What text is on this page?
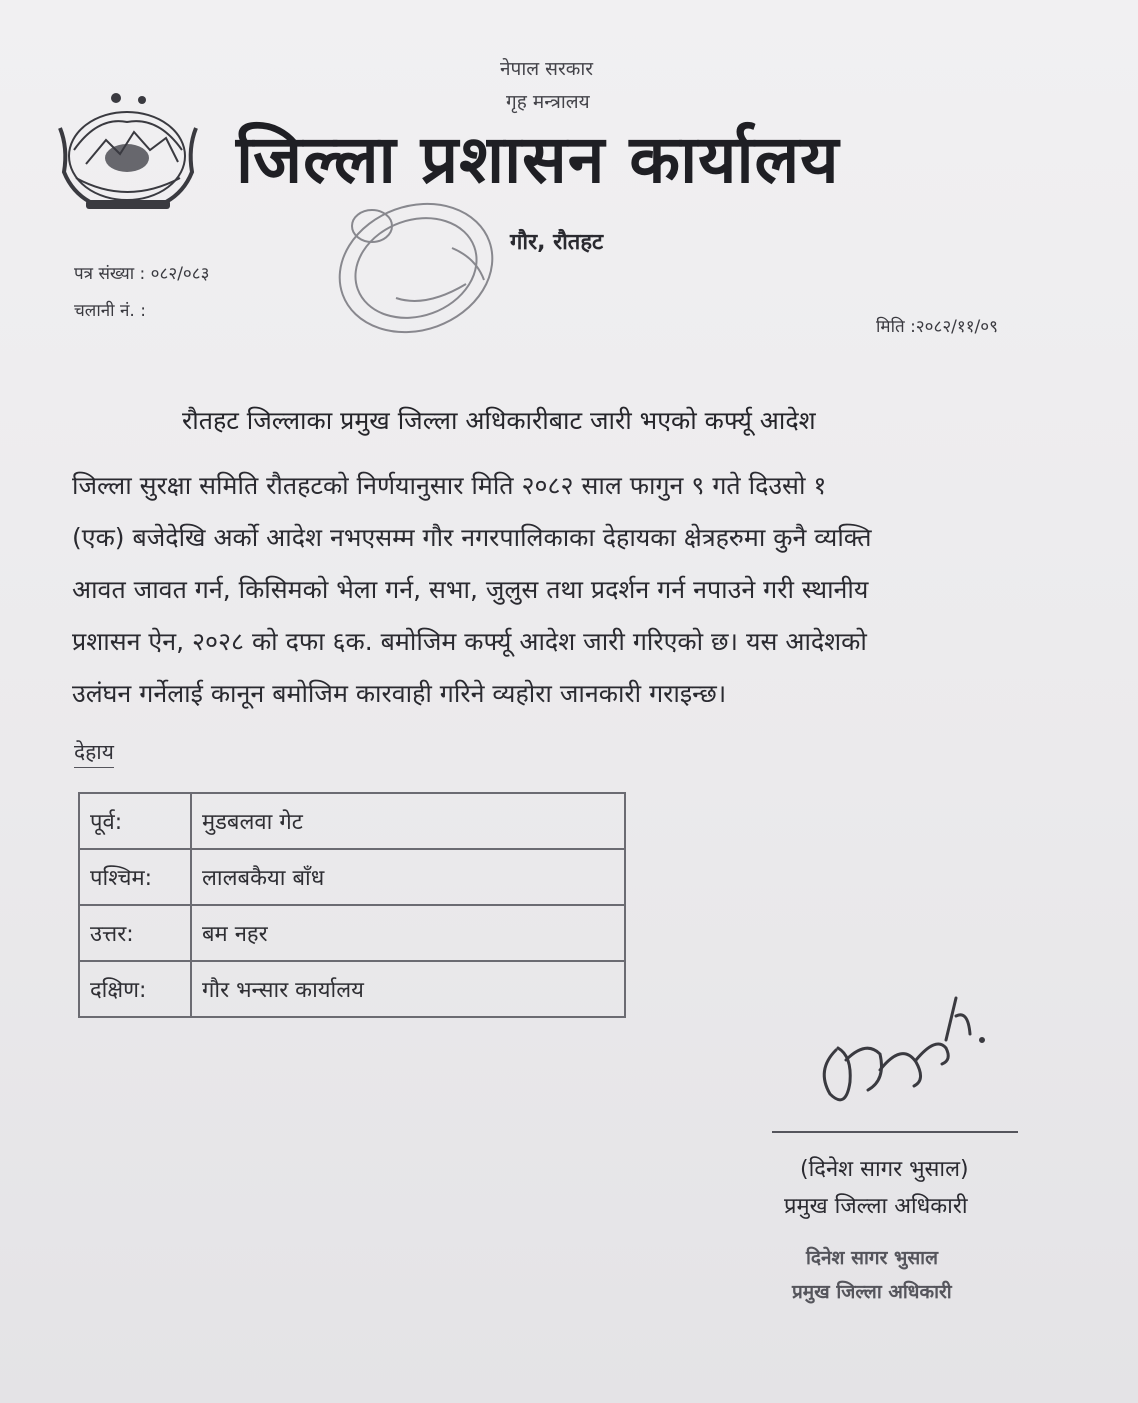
नेपाल सरकार
गृह मन्त्रालय
जिल्ला प्रशासन कार्यालय
गौर, रौतहट
पत्र संख्या : ०८२/०८३
चलानी नं. :
मिति :२०८२/११/०९
रौतहट जिल्लाका प्रमुख जिल्ला अधिकारीबाट जारी भएको कर्फ्यू आदेश
जिल्ला सुरक्षा समिति रौतहटको निर्णयानुसार मिति २०८२ साल फागुन ९ गते दिउसो १
(एक) बजेदेखि अर्को आदेश नभएसम्म गौर नगरपालिकाका देहायका क्षेत्रहरुमा कुनै व्यक्ति
आवत जावत गर्न, किसिमको भेला गर्न, सभा, जुलुस तथा प्रदर्शन गर्न नपाउने गरी स्थानीय
प्रशासन ऐन, २०२८ को दफा ६क. बमोजिम कर्फ्यू आदेश जारी गरिएको छ। यस आदेशको
उलंघन गर्नेलाई कानून बमोजिम कारवाही गरिने व्यहोरा जानकारी गराइन्छ।
देहाय
पूर्व:	मुडबलवा गेट
पश्चिम:	लालबकैया बाँध
उत्तर:	बम नहर
दक्षिण:	गौर भन्सार कार्यालय
(दिनेश सागर भुसाल)
प्रमुख जिल्ला अधिकारी
दिनेश सागर भुसाल
प्रमुख जिल्ला अधिकारी
